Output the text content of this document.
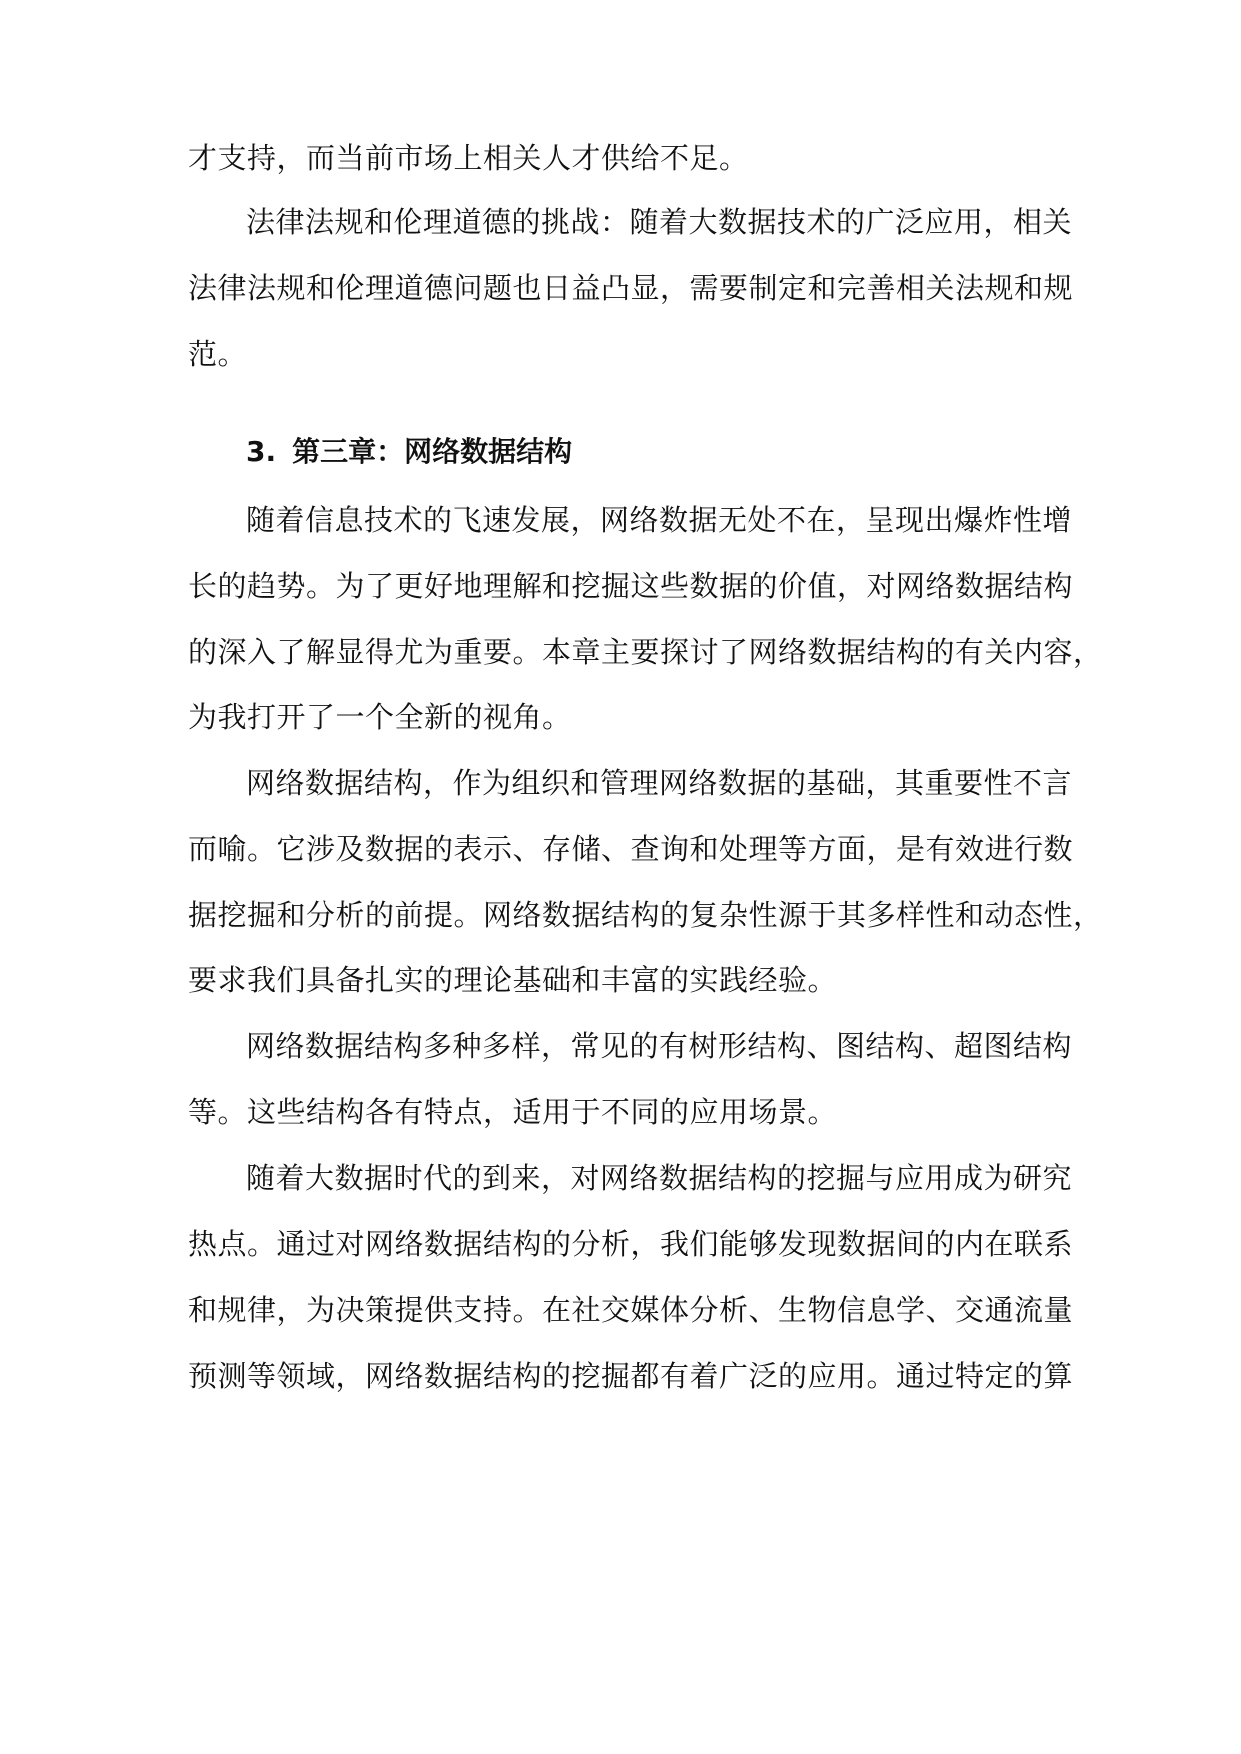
才支持，而当前市场上相关人才供给不足。
法律法规和伦理道德的挑战：随着大数据技术的广泛应用，相关
法律法规和伦理道德问题也日益凸显，需要制定和完善相关法规和规
范。
3. 第三章：网络数据结构
随着信息技术的飞速发展，网络数据无处不在，呈现出爆炸性增
长的趋势。为了更好地理解和挖掘这些数据的价值，对网络数据结构
的深入了解显得尤为重要。本章主要探讨了网络数据结构的有关内容，
为我打开了一个全新的视角。
网络数据结构，作为组织和管理网络数据的基础，其重要性不言
而喻。它涉及数据的表示、存储、查询和处理等方面，是有效进行数
据挖掘和分析的前提。网络数据结构的复杂性源于其多样性和动态性，
要求我们具备扎实的理论基础和丰富的实践经验。
网络数据结构多种多样，常见的有树形结构、图结构、超图结构
等。这些结构各有特点，适用于不同的应用场景。
随着大数据时代的到来，对网络数据结构的挖掘与应用成为研究
热点。通过对网络数据结构的分析，我们能够发现数据间的内在联系
和规律，为决策提供支持。在社交媒体分析、生物信息学、交通流量
预测等领域，网络数据结构的挖掘都有着广泛的应用。通过特定的算
